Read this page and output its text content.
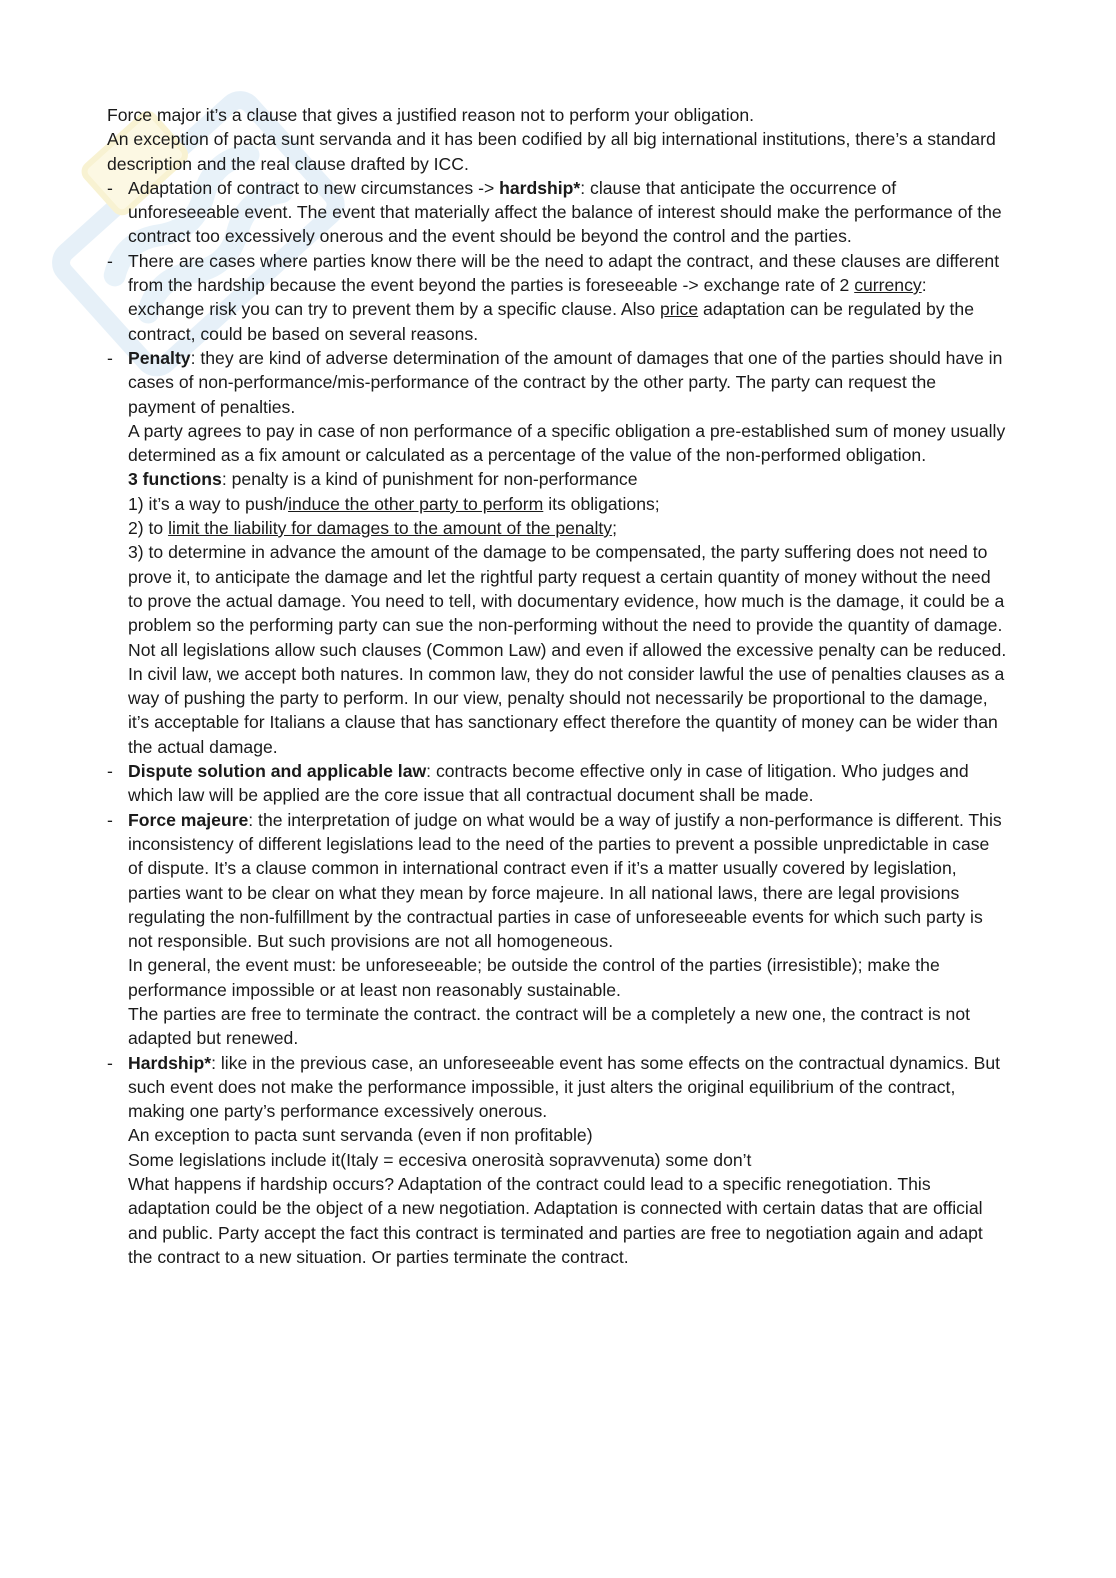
Force major it’s a clause that gives a justified reason not to perform your obligation.

An exception of pacta sunt servanda and it has been codified by all big international institutions, there’s a standard description and the real clause drafted by ICC.

- Adaptation of contract to new circumstances -> hardship*: clause that anticipate the occurrence of unforeseeable event. The event that materially affect the balance of interest should make the performance of the contract too excessively onerous and the event should be beyond the control and the parties.

- There are cases where parties know there will be the need to adapt the contract, and these clauses are different from the hardship because the event beyond the parties is foreseeable -> exchange rate of 2 currency: exchange risk you can try to prevent them by a specific clause. Also price adaptation can be regulated by the contract, could be based on several reasons.

- Penalty: they are kind of adverse determination of the amount of damages that one of the parties should have in cases of non-performance/mis-performance of the contract by the other party. The party can request the payment of penalties.

A party agrees to pay in case of non performance of a specific obligation a pre-established sum of money usually determined as a fix amount or calculated as a percentage of the value of the non-performed obligation.

3 functions: penalty is a kind of punishment for non-performance

1) it’s a way to push/induce the other party to perform its obligations;

2) to limit the liability for damages to the amount of the penalty;

3) to determine in advance the amount of the damage to be compensated, the party suffering does not need to prove it, to anticipate the damage and let the rightful party request a certain quantity of money without the need to prove the actual damage. You need to tell, with documentary evidence, how much is the damage, it could be a problem so the performing party can sue the non-performing without the need to provide the quantity of damage.

Not all legislations allow such clauses (Common Law) and even if allowed the excessive penalty can be reduced. In civil law, we accept both natures. In common law, they do not consider lawful the use of penalties clauses as a way of pushing the party to perform. In our view, penalty should not necessarily be proportional to the damage, it’s acceptable for Italians a clause that has sanctionary effect therefore the quantity of money can be wider than the actual damage.

- Dispute solution and applicable law: contracts become effective only in case of litigation. Who judges and which law will be applied are the core issue that all contractual document shall be made.

- Force majeure: the interpretation of judge on what would be a way of justify a non-performance is different. This inconsistency of different legislations lead to the need of the parties to prevent a possible unpredictable in case of dispute. It’s a clause common in international contract even if it’s a matter usually covered by legislation, parties want to be clear on what they mean by force majeure. In all national laws, there are legal provisions regulating the non-fulfillment by the contractual parties in case of unforeseeable events for which such party is not responsible. But such provisions are not all homogeneous.

In general, the event must: be unforeseeable; be outside the control of the parties (irresistible); make the performance impossible or at least non reasonably sustainable.

The parties are free to terminate the contract. the contract will be a completely a new one, the contract is not adapted but renewed.

- Hardship*: like in the previous case, an unforeseeable event has some effects on the contractual dynamics. But such event does not make the performance impossible, it just alters the original equilibrium of the contract, making one party’s performance excessively onerous.

An exception to pacta sunt servanda (even if non profitable)

Some legislations include it(Italy = eccesiva onerosità sopravvenuta) some don’t

What happens if hardship occurs? Adaptation of the contract could lead to a specific renegotiation. This adaptation could be the object of a new negotiation. Adaptation is connected with certain datas that are official and public. Party accept the fact this contract is terminated and parties are free to negotiation again and adapt the contract to a new situation. Or parties terminate the contract.
